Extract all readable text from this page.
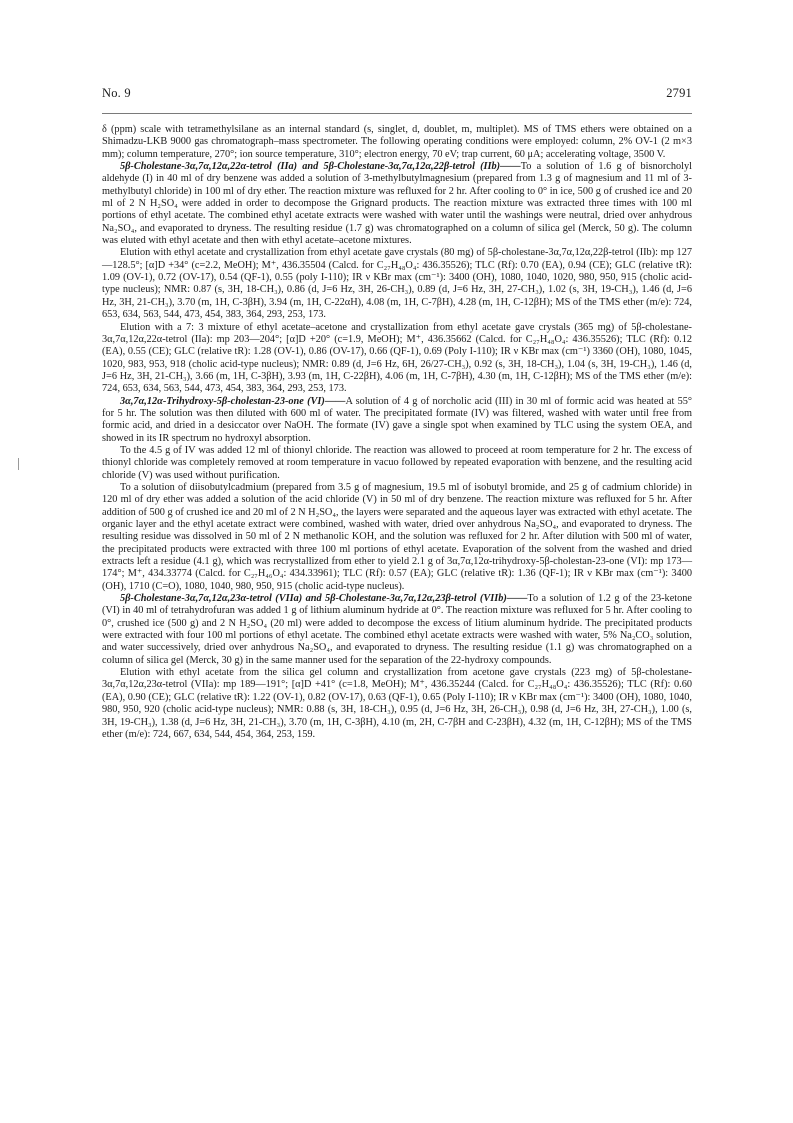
No. 9	2791

δ (ppm) scale with tetramethylsilane as an internal standard (s, singlet, d, doublet, m, multiplet). MS of TMS ethers were obtained on a Shimadzu-LKB 9000 gas chromatograph–mass spectrometer. The following operating conditions were employed: column, 2% OV-1 (2 m×3 mm); column temperature, 270°; ion source temperature, 310°; electron energy, 70 eV; trap current, 60 μA; accelerating voltage, 3500 V.

5β-Cholestane-3α,7α,12α,22α-tetrol (IIa) and 5β-Cholestane-3α,7α,12α,22β-tetrol (IIb)——To a solution of 1.6 g of bisnorcholyl aldehyde (I) in 40 ml of dry benzene was added a solution of 3-methylbutylmagnesium (prepared from 1.3 g of magnesium and 11 ml of 3-methylbutyl chloride) in 100 ml of dry ether. The reaction mixture was refluxed for 2 hr. After cooling to 0° in ice, 500 g of crushed ice and 20 ml of 2 N H₂SO₄ were added in order to decompose the Grignard products. The reaction mixture was extracted three times with 100 ml portions of ethyl acetate. The combined ethyl acetate extracts were washed with water until the washings were neutral, dried over anhydrous Na₂SO₄, and evaporated to dryness. The resulting residue (1.7 g) was chromatographed on a column of silica gel (Merck, 50 g). The column was eluted with ethyl acetate and then with ethyl acetate–acetone mixtures.

Elution with ethyl acetate and crystallization from ethyl acetate gave crystals (80 mg) of 5β-cholestane-3α,7α,12α,22β-tetrol (IIb): mp 127—128.5°; [α]D +34° (c=2.2, MeOH); M⁺, 436.35504 (Calcd. for C₂₇H₄₈O₄: 436.35526); TLC (Rf): 0.70 (EA), 0.94 (CE); GLC (relative tR): 1.09 (OV-1), 0.72 (OV-17), 0.54 (QF-1), 0.55 (poly I-110); IR ν KBr max (cm⁻¹): 3400 (OH), 1080, 1040, 1020, 980, 950, 915 (cholic acid-type nucleus); NMR: 0.87 (s, 3H, 18-CH₃), 0.86 (d, J=6 Hz, 3H, 26-CH₃), 0.89 (d, J=6 Hz, 3H, 27-CH₃), 1.02 (s, 3H, 19-CH₃), 1.46 (d, J=6 Hz, 3H, 21-CH₃), 3.70 (m, 1H, C-3βH), 3.94 (m, 1H, C-22αH), 4.08 (m, 1H, C-7βH), 4.28 (m, 1H, C-12βH); MS of the TMS ether (m/e): 724, 653, 634, 563, 544, 473, 454, 383, 364, 293, 253, 173.

Elution with a 7: 3 mixture of ethyl acetate–acetone and crystallization from ethyl acetate gave crystals (365 mg) of 5β-cholestane-3α,7α,12α,22α-tetrol (IIa): mp 203—204°; [α]D +20° (c=1.9, MeOH); M⁺, 436.35662 (Calcd. for C₂₇H₄₈O₄: 436.35526); TLC (Rf): 0.12 (EA), 0.55 (CE); GLC (relative tR): 1.28 (OV-1), 0.86 (OV-17), 0.66 (QF-1), 0.69 (Poly I-110); IR ν KBr max (cm⁻¹) 3360 (OH), 1080, 1045, 1020, 983, 953, 918 (cholic acid-type nucleus); NMR: 0.89 (d, J=6 Hz, 6H, 26/27-CH₃), 0.92 (s, 3H, 18-CH₃), 1.04 (s, 3H, 19-CH₃), 1.46 (d, J=6 Hz, 3H, 21-CH₃), 3.66 (m, 1H, C-3βH), 3.93 (m, 1H, C-22βH), 4.06 (m, 1H, C-7βH), 4.30 (m, 1H, C-12βH); MS of the TMS ether (m/e): 724, 653, 634, 563, 544, 473, 454, 383, 364, 293, 253, 173.

3α,7α,12α-Trihydroxy-5β-cholestan-23-one (VI)——A solution of 4 g of norcholic acid (III) in 30 ml of formic acid was heated at 55° for 5 hr. The solution was then diluted with 600 ml of water. The precipitated formate (IV) was filtered, washed with water until free from formic acid, and dried in a desiccator over NaOH. The formate (IV) gave a single spot when examined by TLC using the system OEA, and showed in its IR spectrum no hydroxyl absorption.

To the 4.5 g of IV was added 12 ml of thionyl chloride. The reaction was allowed to proceed at room temperature for 2 hr. The excess of thionyl chloride was completely removed at room temperature in vacuo followed by repeated evaporation with benzene, and the resulting acid chloride (V) was used without purification.

To a solution of diisobutylcadmium (prepared from 3.5 g of magnesium, 19.5 ml of isobutyl bromide, and 25 g of cadmium chloride) in 120 ml of dry ether was added a solution of the acid chloride (V) in 50 ml of dry benzene. The reaction mixture was refluxed for 5 hr. After addition of 500 g of crushed ice and 20 ml of 2 N H₂SO₄, the layers were separated and the aqueous layer was extracted with ethyl acetate. The organic layer and the ethyl acetate extract were combined, washed with water, dried over anhydrous Na₂SO₄, and evaporated to dryness. The resulting residue was dissolved in 50 ml of 2 N methanolic KOH, and the solution was refluxed for 2 hr. After dilution with 500 ml of water, the precipitated products were extracted with three 100 ml portions of ethyl acetate. Evaporation of the solvent from the washed and dried extracts left a residue (4.1 g), which was recrystallized from ether to yield 2.1 g of 3α,7α,12α-trihydroxy-5β-cholestan-23-one (VI): mp 173—174°; M⁺, 434.33774 (Calcd. for C₂₇H₄₆O₄: 434.33961); TLC (Rf): 0.57 (EA); GLC (relative tR): 1.36 (QF-1); IR ν KBr max (cm⁻¹): 3400 (OH), 1710 (C=O), 1080, 1040, 980, 950, 915 (cholic acid-type nucleus).

5β-Cholestane-3α,7α,12α,23α-tetrol (VIIa) and 5β-Cholestane-3α,7α,12α,23β-tetrol (VIIb)——To a solution of 1.2 g of the 23-ketone (VI) in 40 ml of tetrahydrofuran was added 1 g of lithium aluminum hydride at 0°. The reaction mixture was refluxed for 5 hr. After cooling to 0°, crushed ice (500 g) and 2 N H₂SO₄ (20 ml) were added to decompose the excess of litium aluminum hydride. The precipitated products were extracted with four 100 ml portions of ethyl acetate. The combined ethyl acetate extracts were washed with water, 5% Na₂CO₃ solution, and water successively, dried over anhydrous Na₂SO₄, and evaporated to dryness. The resulting residue (1.1 g) was chromatographed on a column of silica gel (Merck, 30 g) in the same manner used for the separation of the 22-hydroxy compounds.

Elution with ethyl acetate from the silica gel column and crystallization from acetone gave crystals (223 mg) of 5β-cholestane-3α,7α,12α,23α-tetrol (VIIa): mp 189—191°; [α]D +41° (c=1.8, MeOH); M⁺, 436.35244 (Calcd. for C₂₇H₄₈O₄: 436.35526); TLC (Rf): 0.60 (EA), 0.90 (CE); GLC (relative tR): 1.22 (OV-1), 0.82 (OV-17), 0.63 (QF-1), 0.65 (Poly I-110); IR ν KBr max (cm⁻¹): 3400 (OH), 1080, 1040, 980, 950, 920 (cholic acid-type nucleus); NMR: 0.88 (s, 3H, 18-CH₃), 0.95 (d, J=6 Hz, 3H, 26-CH₃), 0.98 (d, J=6 Hz, 3H, 27-CH₃), 1.00 (s, 3H, 19-CH₃), 1.38 (d, J=6 Hz, 3H, 21-CH₃), 3.70 (m, 1H, C-3βH), 4.10 (m, 2H, C-7βH and C-23βH), 4.32 (m, 1H, C-12βH); MS of the TMS ether (m/e): 724, 667, 634, 544, 454, 364, 253, 159.
